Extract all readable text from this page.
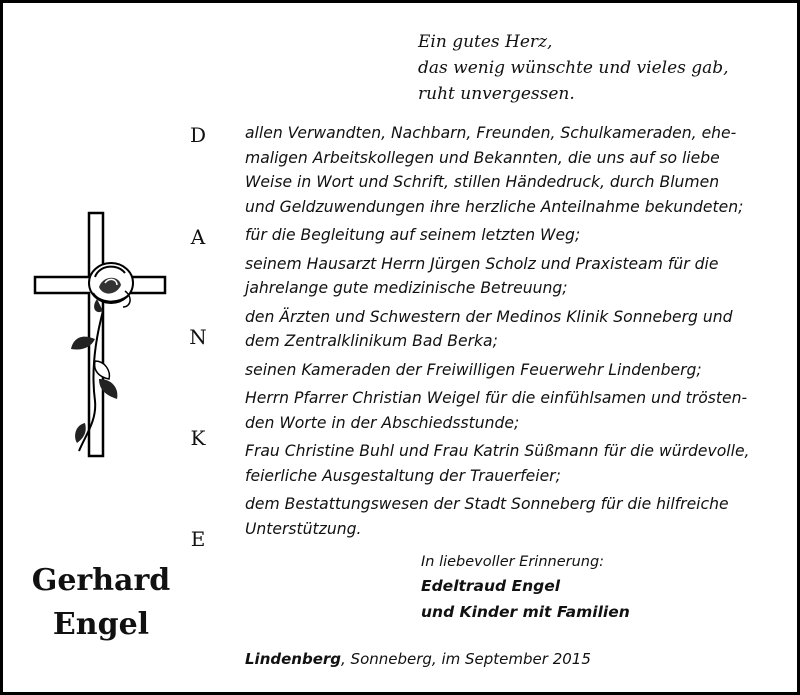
Ein gutes Herz,
das wenig wünschte und vieles gab,
ruht unvergessen.
D
A
N
K
E
allen Verwandten, Nachbarn, Freunden, Schulkameraden, ehe-
maligen Arbeitskollegen und Bekannten, die uns auf so liebe
Weise in Wort und Schrift, stillen Händedruck, durch Blumen
und Geldzuwendungen ihre herzliche Anteilnahme bekundeten;
für die Begleitung auf seinem letzten Weg;
seinem Hausarzt Herrn Jürgen Scholz und Praxisteam für die
jahrelange gute medizinische Betreuung;
den Ärzten und Schwestern der Medinos Klinik Sonneberg und
dem Zentralklinikum Bad Berka;
seinen Kameraden der Freiwilligen Feuerwehr Lindenberg;
Herrn Pfarrer Christian Weigel für die einfühlsamen und trösten-
den Worte in der Abschiedsstunde;
Frau Christine Buhl und Frau Katrin Süßmann für die würdevolle,
feierliche Ausgestaltung der Trauerfeier;
dem Bestattungswesen der Stadt Sonneberg für die hilfreiche
Unterstützung.
In liebevoller Erinnerung:
Edeltraud Engel
und Kinder mit Familien
Lindenberg, Sonneberg, im September 2015
Gerhard
Engel
